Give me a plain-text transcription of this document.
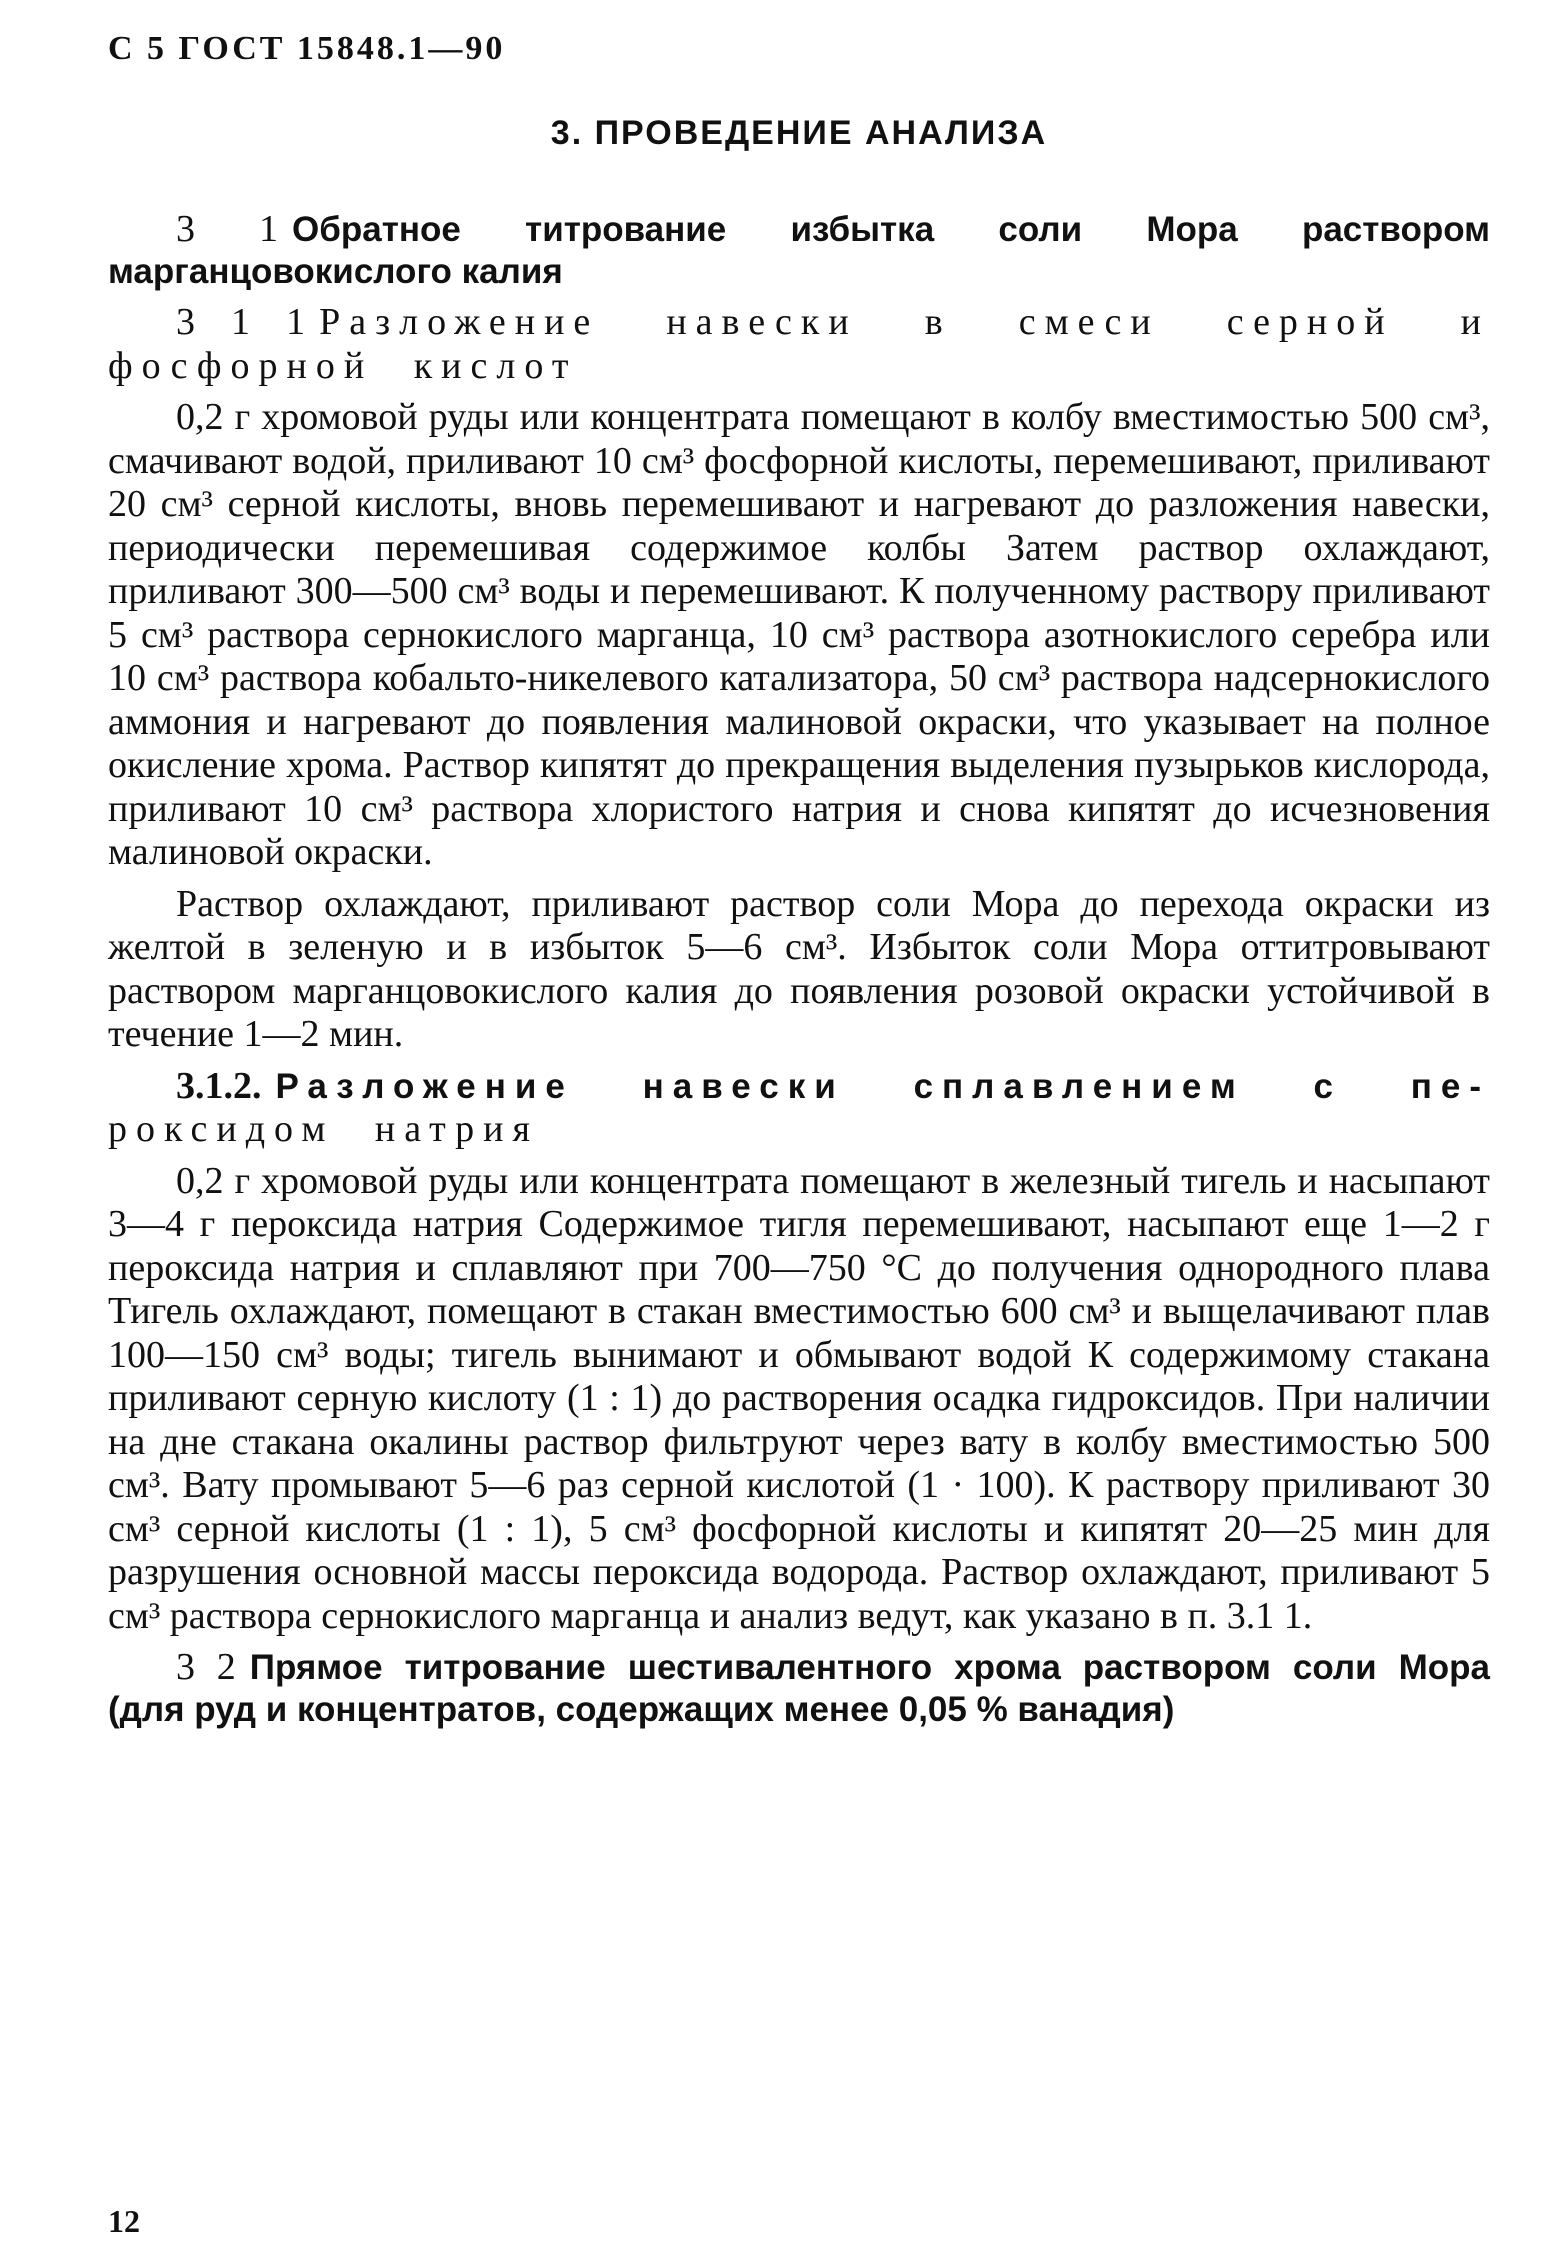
С 5 ГОСТ 15848.1—90
3. ПРОВЕДЕНИЕ АНАЛИЗА

3 1 Обратное титрование избытка соли Мора раствором марганцовокислого калия

3 1 1 Разложение навески в смеси серной и фосфорной кислот

0,2 г хромовой руды или концентрата помещают в колбу вместимостью 500 см³, смачивают водой, приливают 10 см³ фосфорной кислоты, перемешивают, приливают 20 см³ серной кислоты, вновь перемешивают и нагревают до разложения навески, периодически перемешивая содержимое колбы Затем раствор охлаждают, приливают 300—500 см³ воды и перемешивают. К полученному раствору приливают 5 см³ раствора сернокислого марганца, 10 см³ раствора азотнокислого серебра или 10 см³ раствора кобальто-никелевого катализатора, 50 см³ раствора надсернокислого аммония и нагревают до появления малиновой окраски, что указывает на полное окисление хрома. Раствор кипятят до прекращения выделения пузырьков кислорода, приливают 10 см³ раствора хлористого натрия и снова кипятят до исчезновения малиновой окраски.

Раствор охлаждают, приливают раствор соли Мора до перехода окраски из желтой в зеленую и в избыток 5—6 см³. Избыток соли Мора оттитровывают раствором марганцовокислого калия до появления розовой окраски устойчивой в течение 1—2 мин.

3.1.2. Разложение навески сплавлением с пе- роксидом натрия

0,2 г хромовой руды или концентрата помещают в железный тигель и насыпают 3—4 г пероксида натрия Содержимое тигля перемешивают, насыпают еще 1—2 г пероксида натрия и сплавляют при 700—750 °С до получения однородного плава Тигель охлаждают, помещают в стакан вместимостью 600 см³ и выщелачивают плав 100—150 см³ воды; тигель вынимают и обмывают водой К содержимому стакана приливают серную кислоту (1 : 1) до растворения осадка гидроксидов. При наличии на дне стакана окалины раствор фильтруют через вату в колбу вместимостью 500 см³. Вату промывают 5—6 раз серной кислотой (1 · 100). К раствору приливают 30 см³ серной кислоты (1 : 1), 5 см³ фосфорной кислоты и кипятят 20—25 мин для разрушения основной массы пероксида водорода. Раствор охлаждают, приливают 5 см³ раствора сернокислого марганца и анализ ведут, как указано в п. 3.1 1.

3 2 Прямое титрование шестивалентного хрома раствором соли Мора (для руд и концентратов, содержащих менее 0,05 % ванадия)

12
